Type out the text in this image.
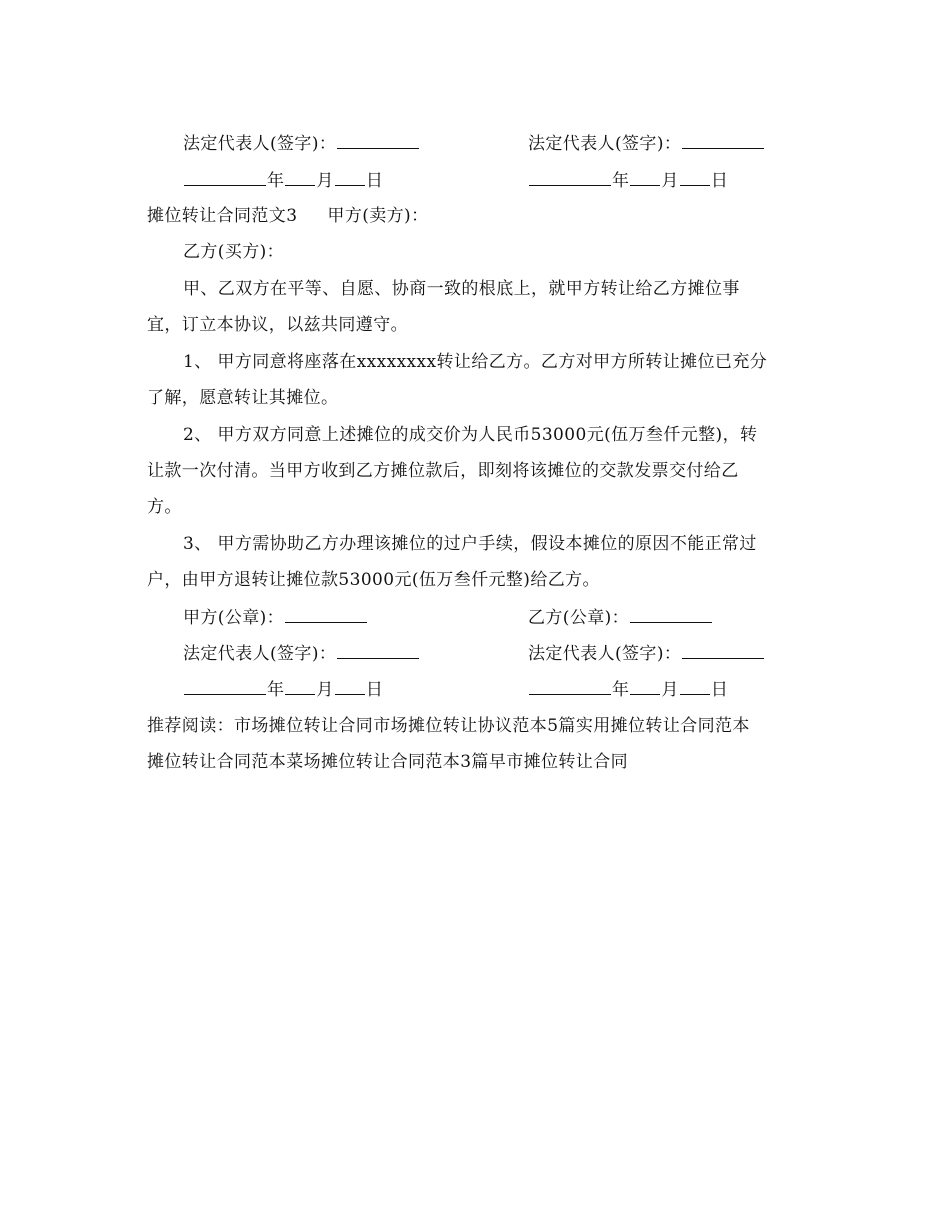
法定代表人(签字)：	法定代表人(签字)：
年 月 日	年 月 日
摊位转让合同范文3 甲方(卖方)：
乙方(买方)：
甲、乙双方在平等、自愿、协商一致的根底上，就甲方转让给乙方摊位事
宜，订立本协议，以兹共同遵守。
1、 甲方同意将座落在xxxxxxxx转让给乙方。乙方对甲方所转让摊位已充分
了解，愿意转让其摊位。
2、 甲方双方同意上述摊位的成交价为人民币53000元(伍万叁仟元整)，转
让款一次付清。当甲方收到乙方摊位款后，即刻将该摊位的交款发票交付给乙
方。
3、 甲方需协助乙方办理该摊位的过户手续，假设本摊位的原因不能正常过
户，由甲方退转让摊位款53000元(伍万叁仟元整)给乙方。
甲方(公章)：	乙方(公章)：
法定代表人(签字)：	法定代表人(签字)：
年 月 日	年 月 日
推荐阅读：市场摊位转让合同市场摊位转让协议范本5篇实用摊位转让合同范本
摊位转让合同范本菜场摊位转让合同范本3篇早市摊位转让合同
